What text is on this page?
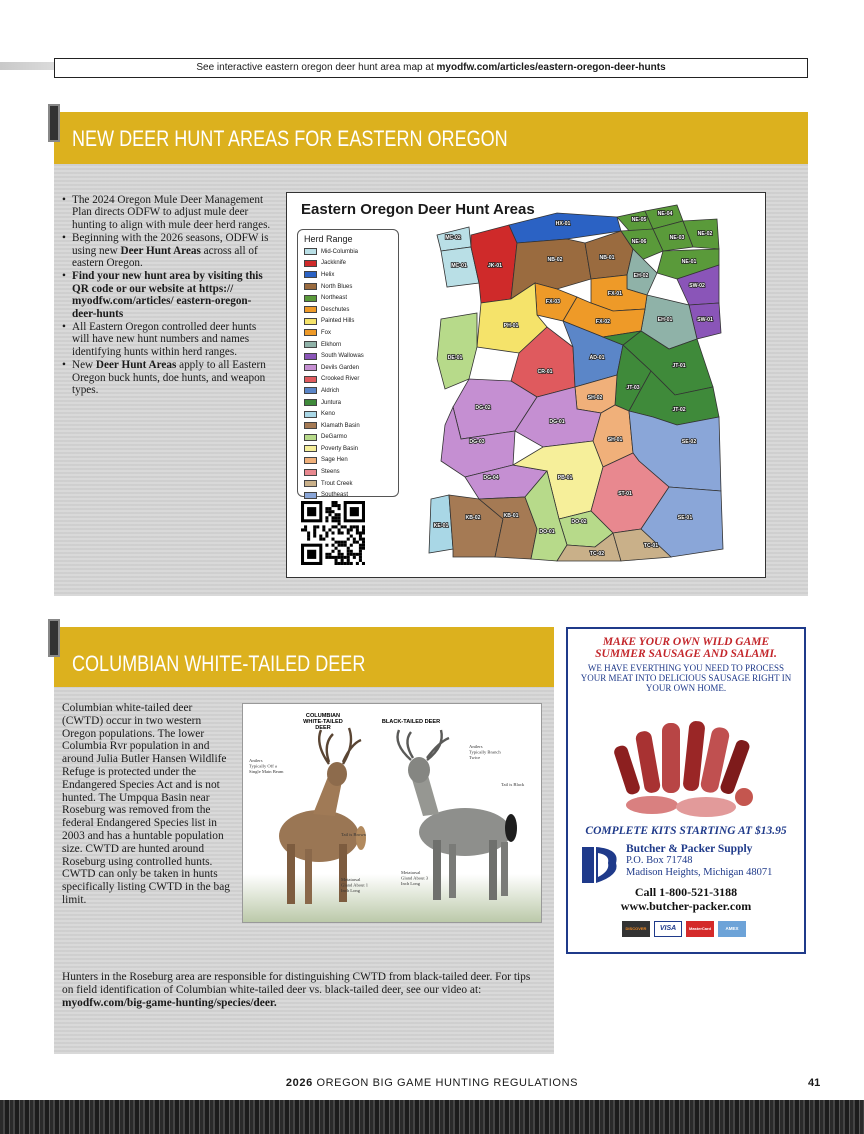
See interactive eastern oregon deer hunt area map at myodfw.com/articles/eastern-oregon-deer-hunts
NEW DEER HUNT AREAS FOR EASTERN OREGON
• The 2024 Oregon Mule Deer Management Plan directs ODFW to adjust mule deer hunting to align with mule deer herd ranges.
• Beginning with the 2026 seasons, ODFW is using new Deer Hunt Areas across all of eastern Oregon.
• Find your new hunt area by visiting this QR code or our website at https:// myodfw.com/articles/ eastern-oregon-deer-hunts
• All Eastern Oregon controlled deer hunts will have new hunt numbers and names identifying hunts within herd ranges.
• New Deer Hunt Areas apply to all Eastern Oregon buck hunts, doe hunts, and weapon types.
Eastern Oregon Deer Hunt Areas
Herd Range
Mid-Columbia
Jackknife
Helix
North Blues
Northeast
Deschutes
Painted Hills
Fox
Elkhorn
South Wallowas
Devils Garden
Crooked River
Aldrich
Juntura
Keno
Klamath Basin
DeGarmo
Poverty Basin
Sage Hen
Steens
Trout Creek
Southeast
MC-02
MC-01	JK-01
HX-01
NB-02	NB-01
NE-05
NE-04
NE-03
NE-02
NE-06
NE-01
EH-02
SW-02
SW-01
EH-01
FX-03
FX-01
FX-02
PH-01
DE-01
CR-01
AD-01
JT-01
JT-03
JT-02
DG-02
SH-02
DG-01
DG-03	SH-01	SE-02
DG-04	PB-01
ST-01
SE-01
KE-01
KB-02	KB-01
DO-02
DO-01
TC-02
TC-01
COLUMBIAN WHITE-TAILED DEER
Columbian white-tailed deer (CWTD) occur in two western Oregon populations. The lower Columbia Rvr population in and around Julia Butler Hansen Wildlife Refuge is protected under the Endangered Species Act and is not hunted. The Umpqua Basin near Roseburg was removed from the federal Endangered Species list in 2003 and has a huntable population size. CWTD are hunted around Roseburg using controlled hunts. CWTD can only be taken in hunts specifically listing CWTD in the bag limit.
COLUMBIAN WHITE-TAILED DEER
BLACK-TAILED DEER
Antlers Typically Off a Single Main Beam
Tail is Brown
Metatarsal Gland About 1 Inch Long
Antlers Typically Branch Twice
Tail is Black
Metatarsal Gland About 3 Inch Long
Hunters in the Roseburg area are responsible for distinguishing CWTD from black-tailed deer. For tips on field identification of Columbian white-tailed deer vs. black-tailed deer, see our video at: myodfw.com/big-game-hunting/species/deer.
MAKE YOUR OWN WILD GAME SUMMER SAUSAGE AND SALAMI.
WE HAVE EVERTHING YOU NEED TO PROCESS YOUR MEAT INTO DELICIOUS SAUSAGE RIGHT IN YOUR OWN HOME.
COMPLETE KITS STARTING AT $13.95
Butcher & Packer Supply
P.O. Box 71748
Madison Heights, Michigan 48071
Call 1-800-521-3188
www.butcher-packer.com
DISCOVER	VISA	MasterCard	AMEX
2026 OREGON BIG GAME HUNTING REGULATIONS	41
